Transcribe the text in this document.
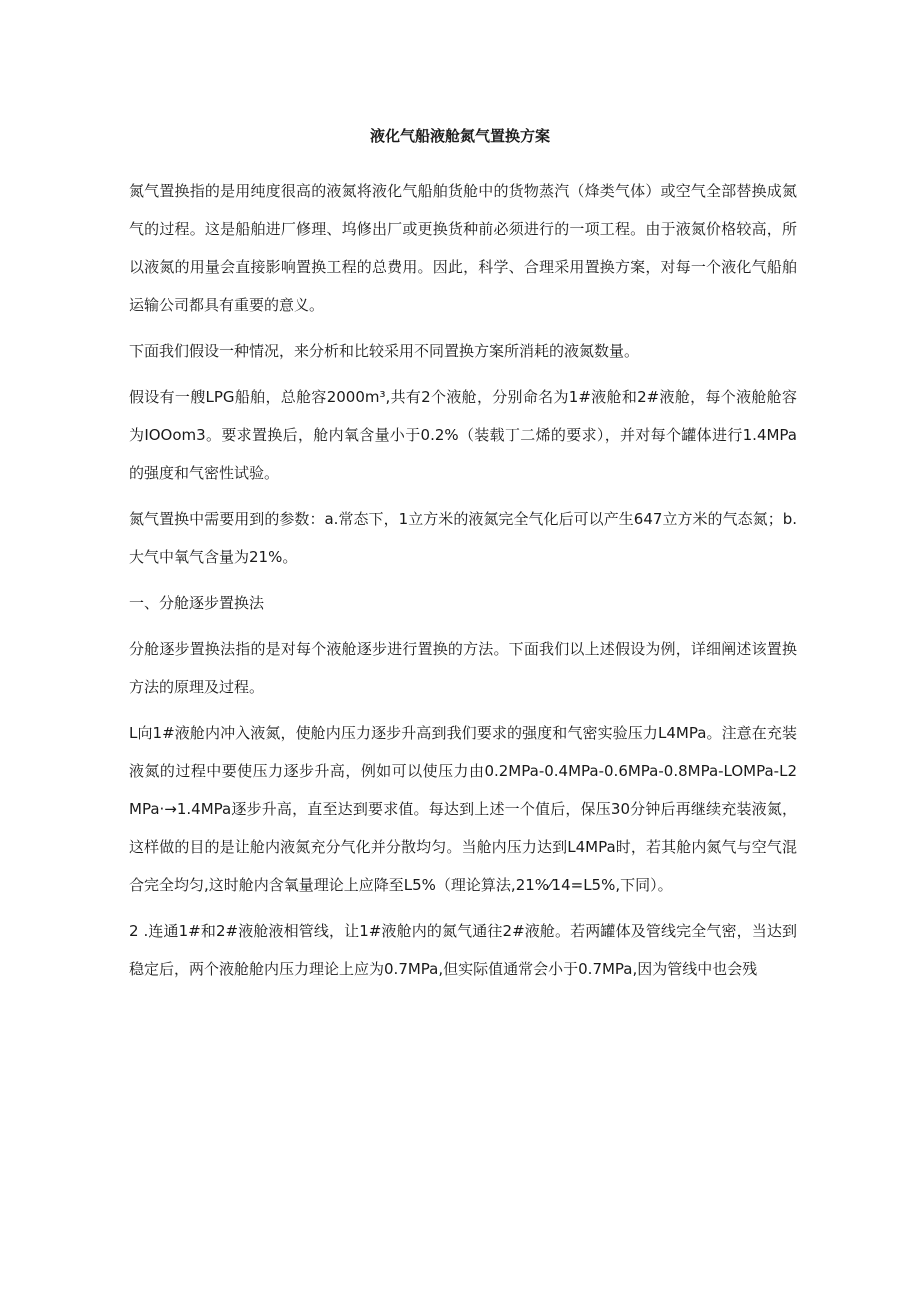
液化气船液舱氮气置换方案

氮气置换指的是用纯度很高的液氮将液化气船舶货舱中的货物蒸汽（烽类气体）或空气全部替换成氮气的过程。这是船舶进厂修理、坞修出厂或更换货种前必须进行的一项工程。由于液氮价格较高，所以液氮的用量会直接影响置换工程的总费用。因此，科学、合理采用置换方案，对每一个液化气船舶运输公司都具有重要的意义。

下面我们假设一种情况，来分析和比较采用不同置换方案所消耗的液氮数量。

假设有一艘LPG船舶，总舱容2000m³,共有2个液舱，分别命名为1#液舱和2#液舱，每个液舱舱容为IOOom3。要求置换后，舱内氧含量小于0.2%（装载丁二烯的要求），并对每个罐体进行1.4MPa的强度和气密性试验。

氮气置换中需要用到的参数：a.常态下，1立方米的液氮完全气化后可以产生647立方米的气态氮；b.大气中氧气含量为21%。

一、分舱逐步置换法

分舱逐步置换法指的是对每个液舱逐步进行置换的方法。下面我们以上述假设为例，详细阐述该置换方法的原理及过程。

L向1#液舱内冲入液氮，使舱内压力逐步升高到我们要求的强度和气密实验压力L4MPa。注意在充装液氮的过程中要使压力逐步升高，例如可以使压力由0.2MPa-0.4MPa-0.6MPa-0.8MPa-LOMPa-L2MPa·→1.4MPa逐步升高，直至达到要求值。每达到上述一个值后，保压30分钟后再继续充装液氮，这样做的目的是让舱内液氮充分气化并分散均匀。当舱内压力达到L4MPa时，若其舱内氮气与空气混合完全均匀,这时舱内含氧量理论上应降至L5%（理论算法,21%⁄14=L5%,下同）。

2 .连通1#和2#液舱液相管线，让1#液舱内的氮气通往2#液舱。若两罐体及管线完全气密，当达到稳定后，两个液舱舱内压力理论上应为0.7MPa,但实际值通常会小于0.7MPa,因为管线中也会残
